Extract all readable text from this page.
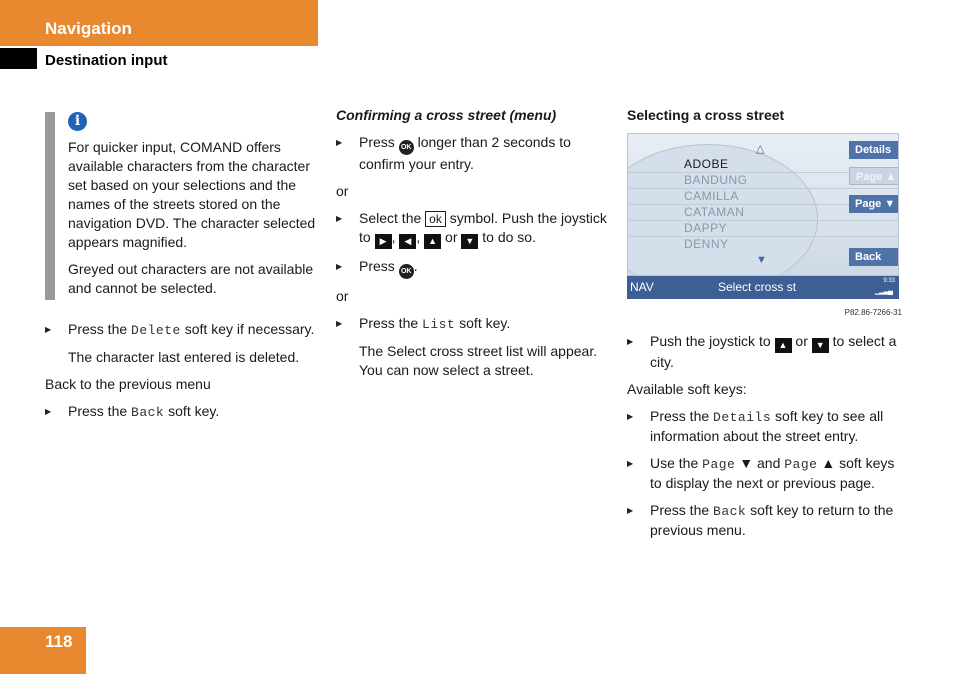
Navigation
Destination input
i
For quicker input, COMAND offers available characters from the character set based on your selections and the names of the streets stored on the navigation DVD. The character selected appears magnified.
Greyed out characters are not available and cannot be selected.
▶ Press the Delete soft key if necessary.
The character last entered is deleted.
Back to the previous menu
▶ Press the Back soft key.
Confirming a cross street (menu)
▶ Press OK longer than 2 seconds to confirm your entry.
or
▶ Select the ok symbol. Push the joystick to ▶ , ◀ , ▲ or ▼ to do so.
▶ Press OK .
or
▶ Press the List soft key.
The Select cross street list will appear. You can now select a street.
Selecting a cross street
△
ADOBE
BANDUNG
CAMILLA
CATAMAN
DAPPY
DENNY
▼
Details
Page ▲
Page ▼
Back
NAV	Select cross st	9:33
▁▂▃▄
P82.86-7266-31
▶ Push the joystick to ▲ or ▼ to select a city.
Available soft keys:
▶ Press the Details soft key to see all information about the street entry.
▶ Use the Page ▼ and Page ▲ soft keys to display the next or previous page.
▶ Press the Back soft key to return to the previous menu.
118
